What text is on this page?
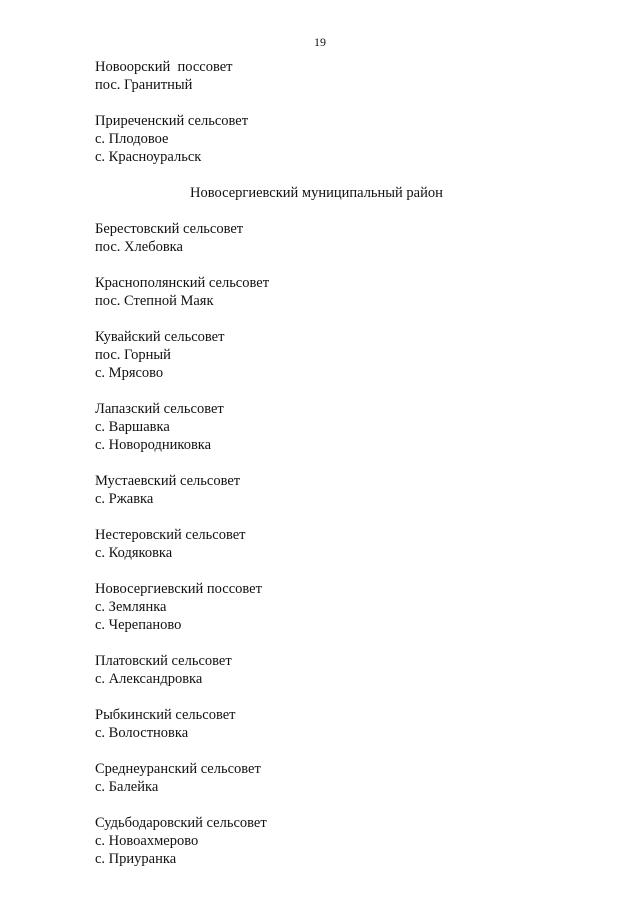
19

Новоорский  поссовет

пос. Гранитный

Приреченский сельсовет

с. Плодовое

с. Красноуральск

Новосергиевский муниципальный район

Берестовский сельсовет

пос. Хлебовка

Краснополянский сельсовет

пос. Степной Маяк

Кувайский сельсовет

пос. Горный

с. Мрясово

Лапазский сельсовет

с. Варшавка

с. Новородниковка

Мустаевский сельсовет

с. Ржавка

Нестеровский сельсовет

с. Кодяковка

Новосергиевский поссовет

с. Землянка

с. Черепаново

Платовский сельсовет

с. Александровка

Рыбкинский сельсовет

с. Волостновка

Среднеуранский сельсовет

с. Балейка

Судьбодаровский сельсовет

с. Новоахмерово

с. Приуранка
